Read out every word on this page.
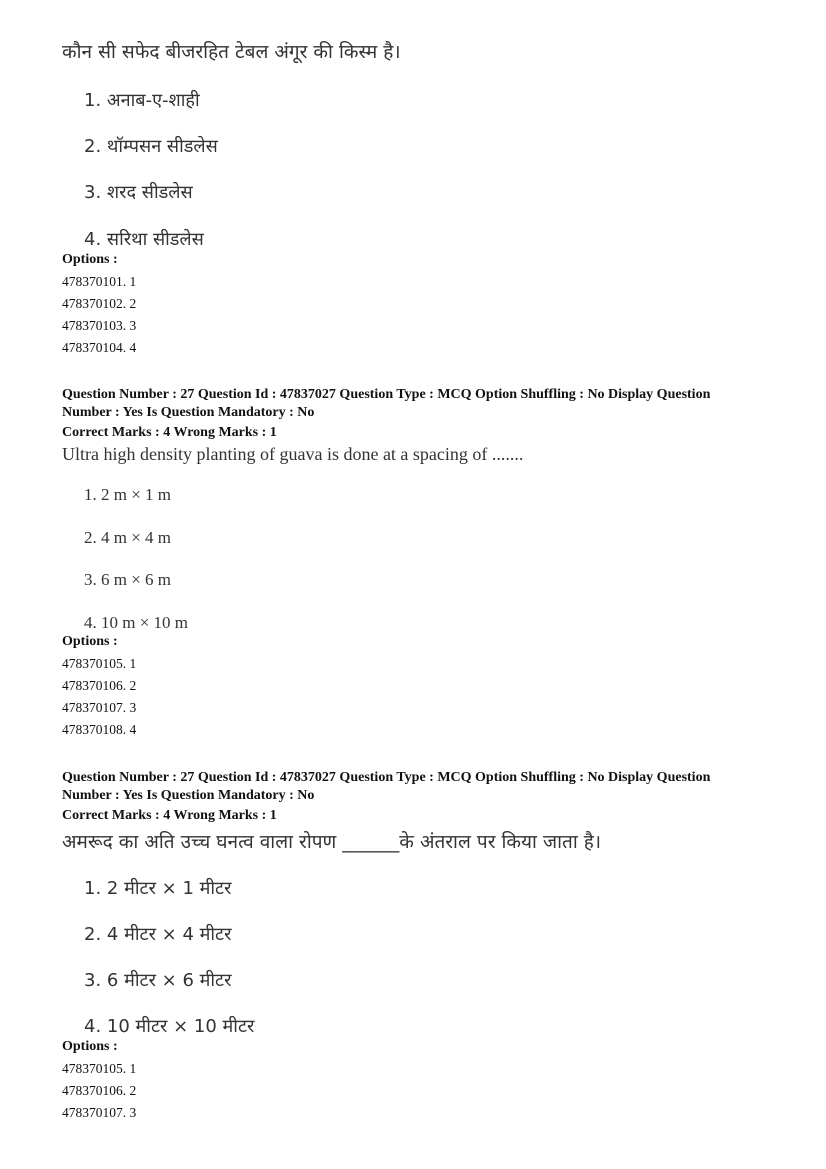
कौन सी सफेद बीजरहित टेबल अंगूर की किस्म है।
1. अनाब-ए-शाही
2. थॉम्पसन सीडलेस
3. शरद सीडलेस
4. सरिथा सीडलेस
Options :
478370101. 1
478370102. 2
478370103. 3
478370104. 4
Question Number : 27 Question Id : 47837027 Question Type : MCQ Option Shuffling : No Display Question
Number : Yes Is Question Mandatory : No
Correct Marks : 4 Wrong Marks : 1
Ultra high density planting of guava is done at a spacing of .......
1. 2 m × 1 m
2. 4 m × 4 m
3. 6 m × 6 m
4. 10 m × 10 m
Options :
478370105. 1
478370106. 2
478370107. 3
478370108. 4
Question Number : 27 Question Id : 47837027 Question Type : MCQ Option Shuffling : No Display Question
Number : Yes Is Question Mandatory : No
Correct Marks : 4 Wrong Marks : 1
अमरूद का अति उच्च घनत्व वाला रोपण ______के अंतराल पर किया जाता है।
1. 2 मीटर × 1 मीटर
2. 4 मीटर × 4 मीटर
3. 6 मीटर × 6 मीटर
4. 10 मीटर × 10 मीटर
Options :
478370105. 1
478370106. 2
478370107. 3
